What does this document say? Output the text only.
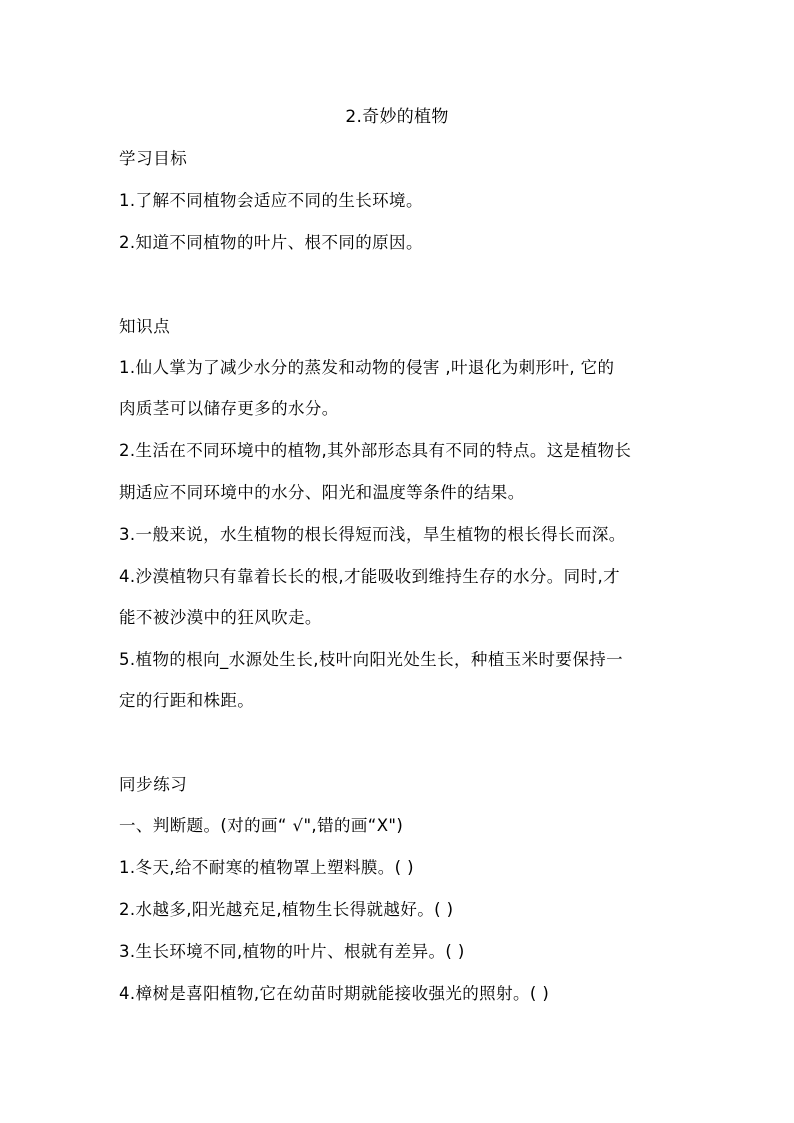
2.奇妙的植物
学习目标
1.了解不同植物会适应不同的生长环境。
2.知道不同植物的叶片、根不同的原因。
知识点
1.仙人掌为了减少水分的蒸发和动物的侵害 ,叶退化为刺形叶, 它的
肉质茎可以储存更多的水分。
2.生活在不同环境中的植物,其外部形态具有不同的特点。这是植物长
期适应不同环境中的水分、阳光和温度等条件的结果。
3.一般来说，水生植物的根长得短而浅，旱生植物的根长得长而深。
4.沙漠植物只有靠着长长的根,才能吸收到维持生存的水分。同时,才
能不被沙漠中的狂风吹走。
5.植物的根向_水源处生长,枝叶向阳光处生长，种植玉米时要保持一
定的行距和株距。
同步练习
一、判断题。(对的画“ √",错的画“X")
1.冬天,给不耐寒的植物罩上塑料膜。( )
2.水越多,阳光越充足,植物生长得就越好。( )
3.生长环境不同,植物的叶片、根就有差异。( )
4.樟树是喜阳植物,它在幼苗时期就能接收强光的照射。( )
